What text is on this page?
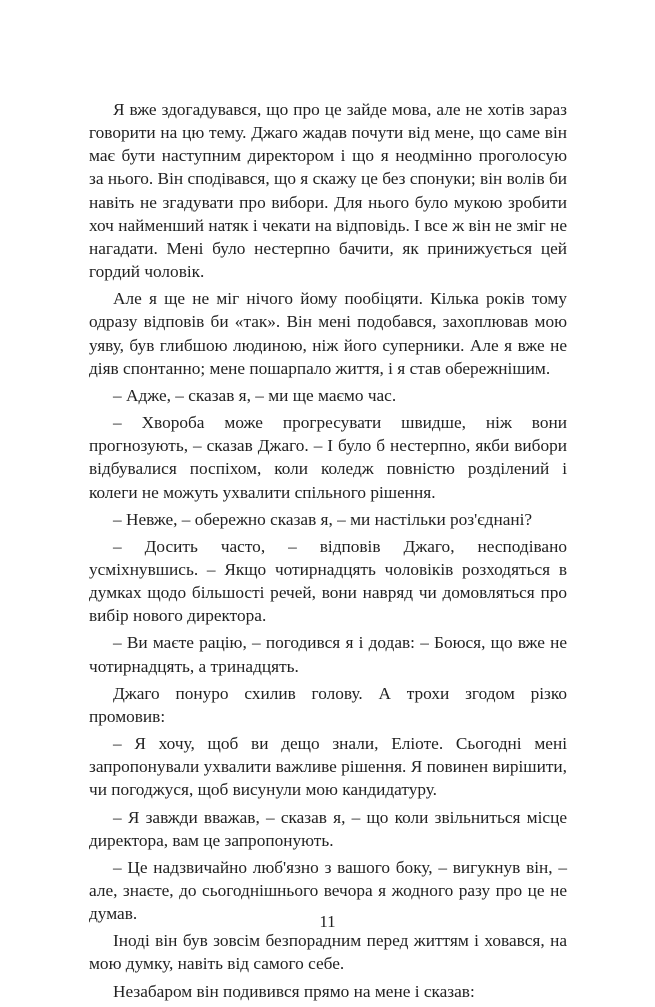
Я вже здогадувався, що про це зайде мова, але не хотів зараз говорити на цю тему. Джаго жадав почути від мене, що саме він має бути наступним директором і що я неодмінно проголосую за нього. Він сподівався, що я скажу це без спонуки; він волів би навіть не згадувати про вибори. Для нього було мукою зробити хоч найменший натяк і чекати на відповідь. І все ж він не зміг не нагадати. Мені було нестерпно бачити, як принижується цей гордий чоловік.

Але я ще не міг нічого йому пообіцяти. Кілька років тому одразу відповів би «так». Він мені подобався, захоплював мою уяву, був глибшою людиною, ніж його суперники. Але я вже не діяв спонтанно; мене пошарпало життя, і я став обережнішим.

– Адже, – сказав я, – ми ще маємо час.

– Хвороба може прогресувати швидше, ніж вони прогнозують, – сказав Джаго. – І було б нестерпно, якби вибори відбувалися поспіхом, коли коледж повністю розділений і колеги не можуть ухвалити спільного рішення.

– Невже, – обережно сказав я, – ми настільки роз'єднані?

– Досить часто, – відповів Джаго, несподівано усміхнувшись. – Якщо чотирнадцять чоловіків розходяться в думках щодо більшості речей, вони навряд чи домовляться про вибір нового директора.

– Ви маєте рацію, – погодився я і додав: – Боюся, що вже не чотирнадцять, а тринадцять.

Джаго понуро схилив голову. А трохи згодом різко промовив:

– Я хочу, щоб ви дещо знали, Еліоте. Сьогодні мені запропонували ухвалити важливе рішення. Я повинен вирішити, чи погоджуся, щоб висунули мою кандидатуру.

– Я завжди вважав, – сказав я, – що коли звільниться місце директора, вам це запропонують.

– Це надзвичайно люб'язно з вашого боку, – вигукнув він, – але, знаєте, до сьогоднішнього вечора я жодного разу про це не думав.

Іноді він був зовсім безпорадним перед життям і ховався, на мою думку, навіть від самого себе.

Незабаром він подивився прямо на мене і сказав:

11
